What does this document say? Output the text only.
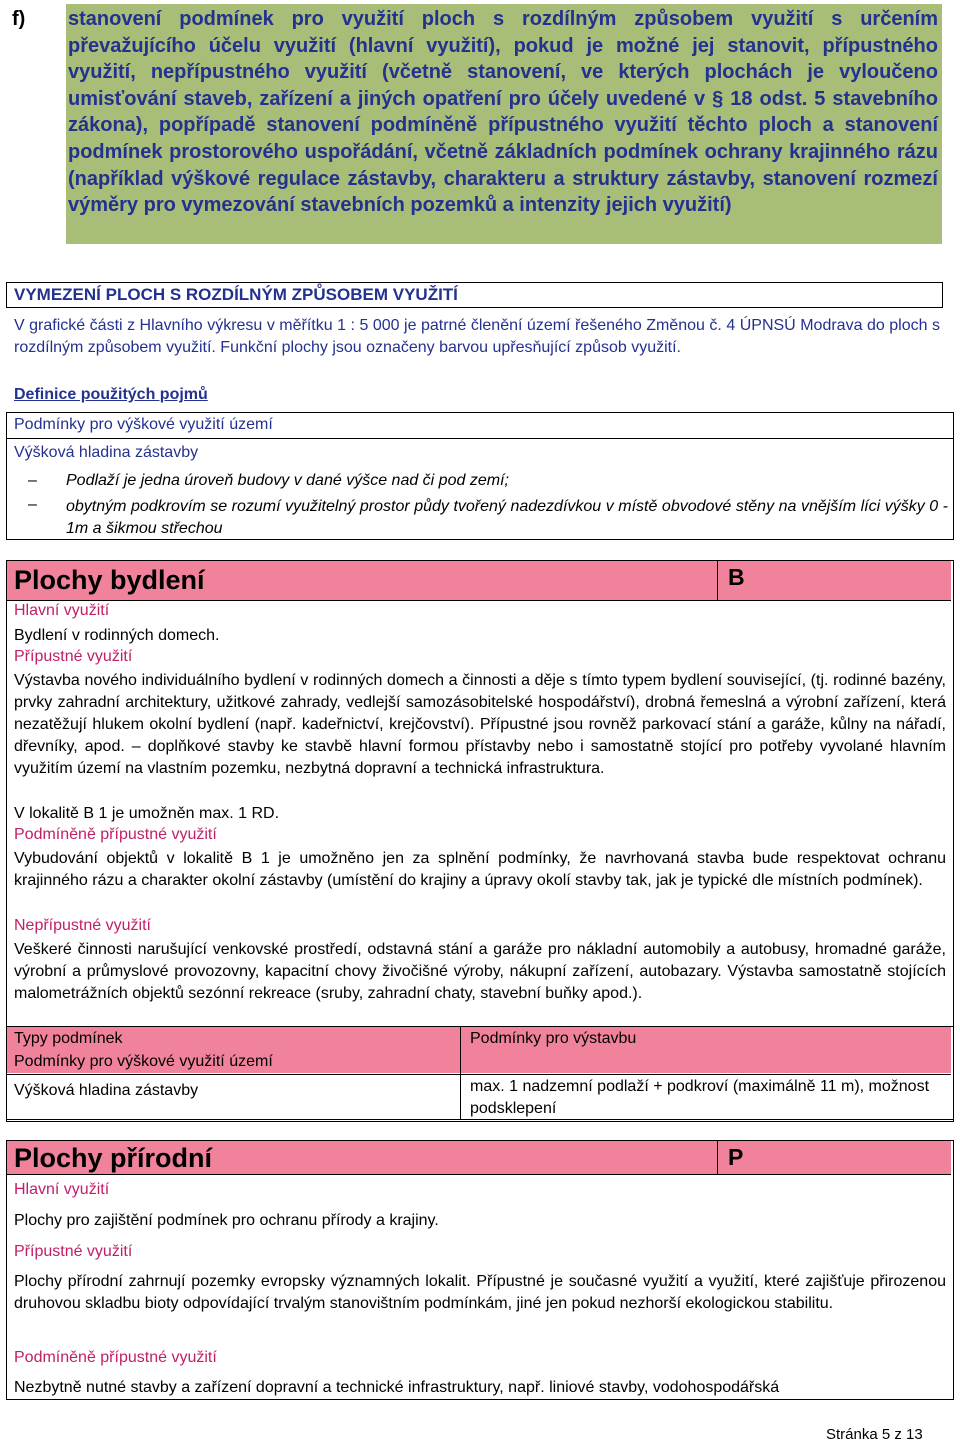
f) stanovení podmínek pro využití ploch s rozdílným způsobem využití s určením převažujícího účelu využití (hlavní využití), pokud je možné jej stanovit, přípustného využití, nepřípustného využití (včetně stanovení, ve kterých plochách je vyloučeno umisťování staveb, zařízení a jiných opatření pro účely uvedené v § 18 odst. 5 stavebního zákona), popřípadě stanovení podmíněně přípustného využití těchto ploch a stanovení podmínek prostorového uspořádání, včetně základních podmínek ochrany krajinného rázu (například výškové regulace zástavby, charakteru a struktury zástavby, stanovení rozmezí
výměry pro vymezování stavebních pozemků a intenzity jejich využití)
VYMEZENÍ PLOCH S ROZDÍLNÝM ZPŮSOBEM VYUŽITÍ
V grafické části z Hlavního výkresu v měřítku 1 : 5 000 je patrné členění území řešeného Změnou č. 4 ÚPNSÚ Modrava do ploch s rozdílným způsobem využití. Funkční plochy jsou označeny barvou upřesňující způsob využití.
Definice použitých pojmů
Podmínky pro výškové využití území
Výšková hladina zástavby
– Podlaží je jedna úroveň budovy v dané výšce nad či pod zemí;
– obytným podkrovím se rozumí využitelný prostor půdy tvořený nadezdívkou v místě obvodové stěny na vnějším líci výšky 0 - 1m a šikmou střechou
Plochy bydlení	B
Hlavní využití
Bydlení v rodinných domech.
Přípustné využití
Výstavba nového individuálního bydlení v rodinných domech a činnosti a děje s tímto typem bydlení související, (tj. rodinné bazény, prvky zahradní architektury, užitkové zahrady, vedlejší samozásobitelské hospodářství), drobná řemeslná a výrobní zařízení, která nezatěžují hlukem okolní bydlení (např. kadeřnictví, krejčovství). Přípustné jsou rovněž parkovací stání a garáže, kůlny na nářadí, dřevníky, apod. – doplňkové stavby ke stavbě hlavní formou přístavby nebo i samostatně stojící pro potřeby vyvolané hlavním využitím území na vlastním pozemku, nezbytná dopravní a technická infrastruktura.
V lokalitě B 1 je umožněn max. 1 RD.
Podmíněně přípustné využití
Vybudování objektů v lokalitě B 1 je umožněno jen za splnění podmínky, že navrhovaná stavba bude respektovat ochranu krajinného rázu a charakter okolní zástavby (umístění do krajiny a úpravy okolí stavby tak, jak je typické dle místních podmínek).
Nepřípustné využití
Veškeré činnosti narušující venkovské prostředí, odstavná stání a garáže pro nákladní automobily a autobusy, hromadné garáže, výrobní a průmyslové provozovny, kapacitní chovy živočišné výroby, nákupní zařízení, autobazary. Výstavba samostatně stojících malometrážních objektů sezónní rekreace (sruby, zahradní chaty, stavební buňky apod.).
Typy podmínek	Podmínky pro výstavbu
Podmínky pro výškové využití území
Výšková hladina zástavby	max. 1 nadzemní podlaží + podkroví (maximálně 11 m), možnost podsklepení
Plochy přírodní	P
Hlavní využití
Plochy pro zajištění podmínek pro ochranu přírody a krajiny.
Přípustné využití
Plochy přírodní zahrnují pozemky evropsky významných lokalit. Přípustné je současné využití a využití, které zajišťuje přirozenou druhovou skladbu bioty odpovídající trvalým stanovištním podmínkám, jiné jen pokud nezhorší ekologickou stabilitu.
Podmíněně přípustné využití
Nezbytně nutné stavby a zařízení dopravní a technické infrastruktury, např. liniové stavby, vodohospodářská
Stránka 5 z 13
